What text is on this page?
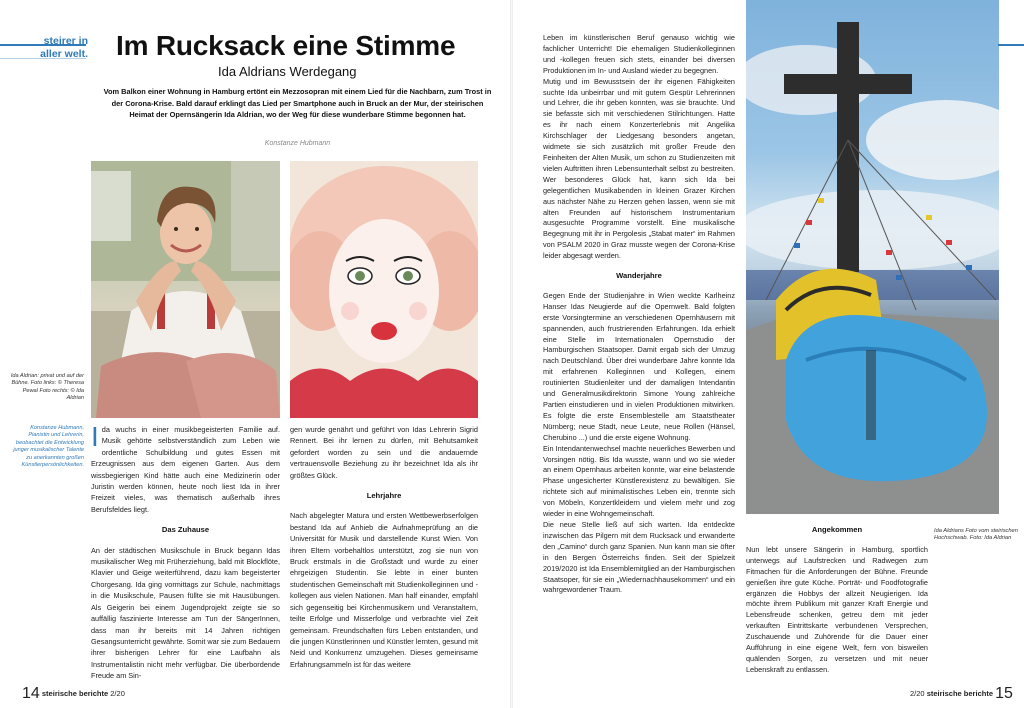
steirer in
aller welt. Im Rucksack eine Stimme
Ida Aldrians Werdegang
Vom Balkon einer Wohnung in Hamburg ertönt ein Mezzosopran mit einem Lied für die Nachbarn, zum Trost in der Corona-Krise. Bald darauf erklingt das Lied per Smartphone auch in Bruck an der Mur, der steirischen Heimat der Opernsängerin Ida Aldrian, wo der Weg für diese wunderbare Stimme begonnen hat.
Konstanze Hubmann
Ida Aldrian: privat und auf der Bühne. Foto links: © Theresa Pewal Foto rechts: © Ida Aldrian
Konstanze Hubmann, Pianistin und Lehrerin, beobachtet die Entwicklung junger musikalischer Talente zu anerkannten großen Künstlerpersönlichkeiten.

Ida wuchs in einer musikbegeisterten Familie auf. Musik gehörte selbstverständlich zum Leben wie ordentliche Schulbildung und gutes Essen mit Erzeugnissen aus dem eigenen Garten. Aus dem wissbegierigen Kind hätte auch eine Medizinerin oder Juristin werden können, heute noch liest Ida in ihrer Freizeit vieles, was thematisch außerhalb ihres Berufsfeldes liegt.

Das Zuhause

An der städtischen Musikschule in Bruck begann Idas musikalischer Weg mit Früherziehung, bald mit Blockflöte, Klavier und Geige weiterführend, dazu kam begeisterter Chorgesang. Ida ging vormittags zur Schule, nachmittags in die Musikschule, Pausen füllte sie mit Hausübungen. Als Geigerin bei einem Jugendprojekt zeigte sie so auffällig faszinierte Interesse am Tun der SängerInnen, dass man ihr bereits mit 14 Jahren richtigen Gesangsunterricht gewährte. Somit war sie zum Bedauern ihrer bisherigen Lehrer für eine Laufbahn als Instrumentalistin nicht mehr verfügbar. Die überbordende Freude am Sin-

gen wurde genährt und geführt von Idas Lehrerin Sigrid Rennert. Bei ihr lernen zu dürfen, mit Behutsamkeit gefordert worden zu sein und die andauernde vertrauensvolle Beziehung zu ihr bezeichnet Ida als ihr größtes Glück.

Lehrjahre

Nach abgelegter Matura und ersten Wettbewerbserfolgen bestand Ida auf Anhieb die Aufnahmeprüfung an die Universität für Musik und darstellende Kunst Wien. Von ihren Eltern vorbehaltlos unterstützt, zog sie nun von Bruck erstmals in die Großstadt und wurde zu einer ehrgeizigen Studentin. Sie lebte in einer bunten studentischen Gemeinschaft mit Studienkolleginnen und -kollegen aus vielen Nationen. Man half einander, empfahl sich gegenseitig bei Kirchenmusikern und Veranstaltern, teilte Erfolge und Misserfolge und verbrachte viel Zeit gemeinsam. Freundschaften fürs Leben entstanden, und die jungen Künstlerinnen und Künstler lernten, gesund mit Neid und Konkurrenz umzugehen. Dieses gemeinsame Erfahrungsammeln ist für das weitere

Leben im künstlerischen Beruf genauso wichtig wie fachlicher Unterricht! Die ehemaligen Studienkolleginnen und -kollegen freuen sich stets, einander bei diversen Produktionen im In- und Ausland wieder zu begegnen.

Mutig und im Bewusstsein der ihr eigenen Fähigkeiten suchte Ida unbeirrbar und mit gutem Gespür Lehrerinnen und Lehrer, die ihr geben konnten, was sie brauchte. Und sie befasste sich mit verschiedenen Stilrichtungen. Hatte es ihr nach einem Konzerterlebnis mit Angelika Kirchschlager der Liedgesang besonders angetan, widmete sie sich zusätzlich mit großer Freude den Feinheiten der Alten Musik, um schon zu Studienzeiten mit vielen Auftritten ihren Lebensunterhalt selbst zu bestreiten. Wer besonderes Glück hat, kann sich Ida bei gelegentlichen Musikabenden in kleinen Grazer Kirchen aus nächster Nähe zu Herzen gehen lassen, wenn sie mit alten Freunden auf historischem Instrumentarium ausgesuchte Programme vorstellt. Eine musikalische Begegnung mit ihr in Pergolesis „Stabat mater“ im Rahmen von PSALM 2020 in Graz musste wegen der Corona-Krise leider abgesagt werden.

Wanderjahre

Gegen Ende der Studienjahre in Wien weckte Karlheinz Hanser Idas Neugierde auf die Opernwelt. Bald folgten erste Vorsingtermine an verschiedenen Opernhäusern mit spannenden, auch frustrierenden Erfahrungen. Ida erhielt eine Stelle im Internationalen Opernstudio der Hamburgischen Staatsoper. Damit ergab sich der Umzug nach Deutschland. Über drei wunderbare Jahre konnte Ida mit erfahrenen Kolleginnen und Kollegen, einem routinierten Studienleiter und der damaligen Intendantin und Generalmusikdirektorin Simone Young zahlreiche Partien einstudieren und in vielen Produktionen mitwirken. Es folgte die erste Ensemblestelle am Staatstheater Nürnberg; neue Stadt, neue Leute, neue Rollen (Hänsel, Cherubino ...) und die erste eigene Wohnung.

Ein Intendantenwechsel machte neuerliches Bewerben und Vorsingen nötig. Bis Ida wusste, wann und wo sie wieder an einem Opernhaus arbeiten konnte, war eine belastende Phase ungesicherter Künstlerexistenz zu bewältigen. Sie richtete sich auf minimalistisches Leben ein, trennte sich von Möbeln, Konzertkleidern und vielem mehr und zog wieder in eine Wohngemeinschaft.

Die neue Stelle ließ auf sich warten. Ida entdeckte inzwischen das Pilgern mit dem Rucksack und erwanderte den „Camino“ durch ganz Spanien. Nun kann man sie öfter in den Bergen Österreichs finden. Seit der Spielzeit 2019/2020 ist Ida Ensemblemitglied an der Hamburgischen Staatsoper, für sie ein „Wiedernachhausekommen“ und ein wahrgewordener Traum.

Ida Aldrians Foto vom steirischen Hochschwab. Foto: Ida Aldrian
Angekommen

Nun lebt unsere Sängerin in Hamburg, sportlich unterwegs auf Laufstrecken und Radwegen zum Fitmachen für die Anforderungen der Bühne. Freunde genießen ihre gute Küche. Porträt- und Foodfotografie ergänzen die Hobbys der allzeit Neugierigen. Ida möchte ihrem Publikum mit ganzer Kraft Energie und Lebensfreude schenken, getreu dem mit jeder verkauften Eintrittskarte verbundenen Versprechen, Zuschauende und Zuhörende für die Dauer einer Aufführung in eine eigene Welt, fern von bisweilen quälenden Sorgen, zu versetzen und mit neuer Lebenskraft zu entlassen.

14 steirische berichte 2/20	2/20 steirische berichte 15
